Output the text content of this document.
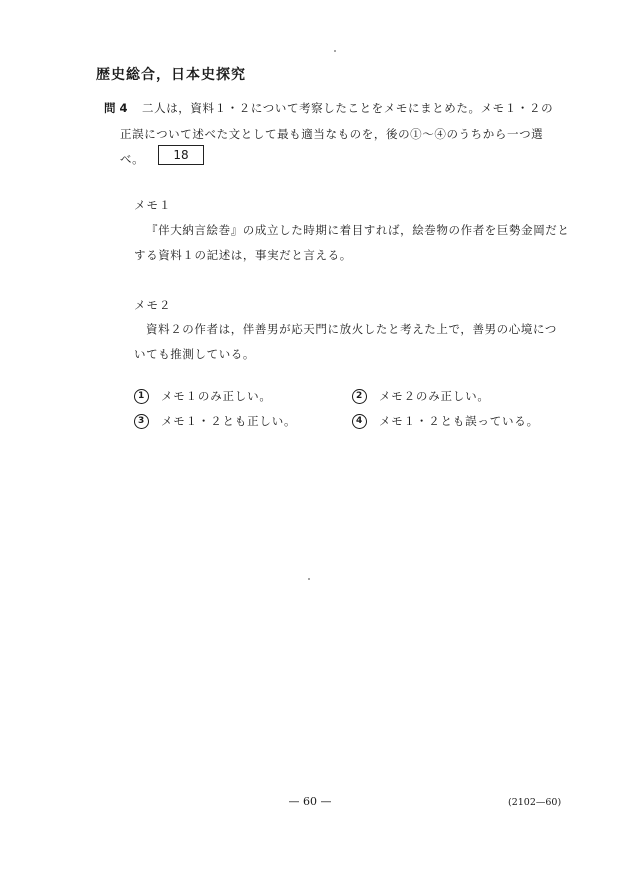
歴史総合，日本史探究
問 4 二人は，資料１・２について考察したことをメモにまとめた。メモ１・２の
正誤について述べた文として最も適当なものを，後の①～④のうちから一つ選
べ。	18
メモ１
『伴大納言絵巻』の成立した時期に着目すれば，絵巻物の作者を巨勢金岡だと
する資料１の記述は，事実だと言える。
メモ２
資料２の作者は，伴善男が応天門に放火したと考えた上で，善男の心境につ
いても推測している。
1	メモ１のみ正しい。	2	メモ２のみ正しい。
3	メモ１・２とも正しい。	4	メモ１・２とも誤っている。
— 60 —	(2102—60)
